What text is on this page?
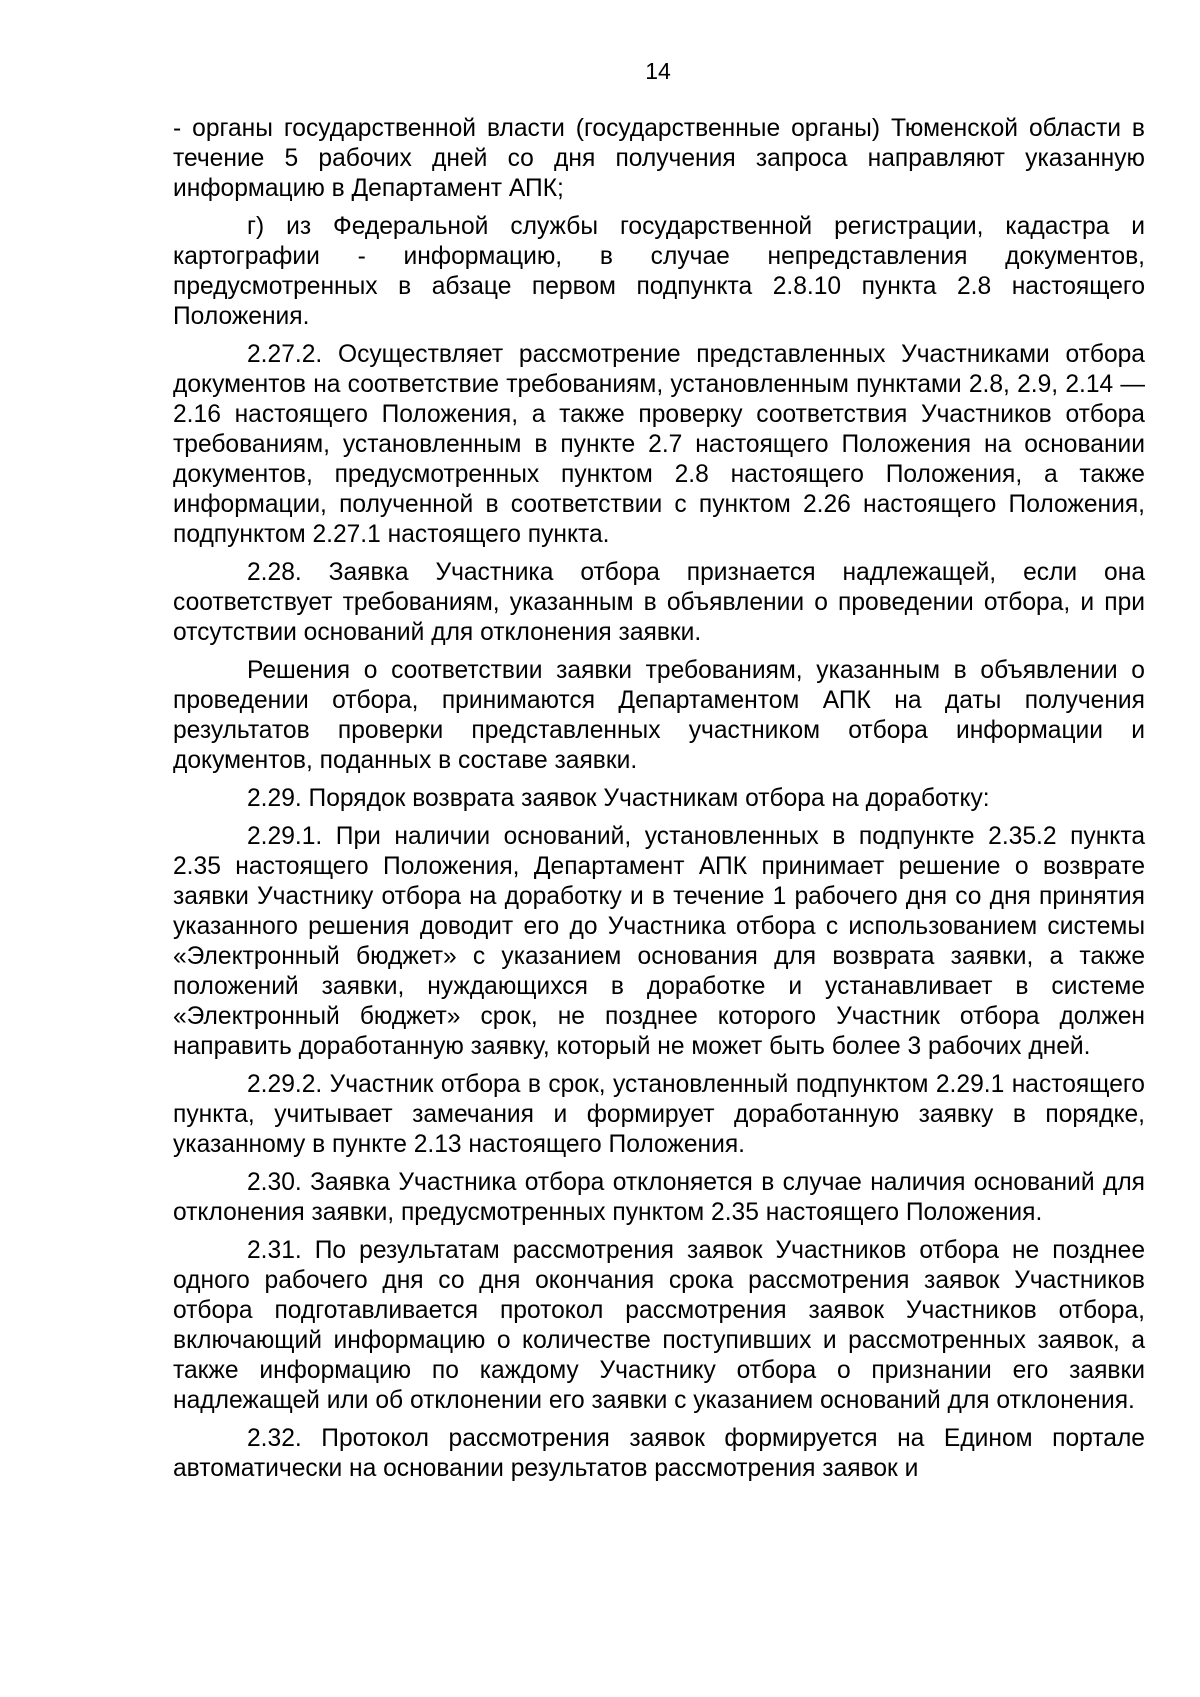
14

- органы государственной власти (государственные органы) Тюменской области в течение 5 рабочих дней со дня получения запроса направляют указанную информацию в Департамент АПК;

г) из Федеральной службы государственной регистрации, кадастра и картографии - информацию, в случае непредставления документов, предусмотренных в абзаце первом подпункта 2.8.10 пункта 2.8 настоящего Положения.

2.27.2. Осуществляет рассмотрение представленных Участниками отбора документов на соответствие требованиям, установленным пунктами 2.8, 2.9, 2.14 — 2.16 настоящего Положения, а также проверку соответствия Участников отбора требованиям, установленным в пункте 2.7 настоящего Положения на основании документов, предусмотренных пунктом 2.8 настоящего Положения, а также информации, полученной в соответствии с пунктом 2.26 настоящего Положения, подпунктом 2.27.1 настоящего пункта.

2.28. Заявка Участника отбора признается надлежащей, если она соответствует требованиям, указанным в объявлении о проведении отбора, и при отсутствии оснований для отклонения заявки.

Решения о соответствии заявки требованиям, указанным в объявлении о проведении отбора, принимаются Департаментом АПК на даты получения результатов проверки представленных участником отбора информации и документов, поданных в составе заявки.

2.29. Порядок возврата заявок Участникам отбора на доработку:

2.29.1. При наличии оснований, установленных в подпункте 2.35.2 пункта 2.35 настоящего Положения, Департамент АПК принимает решение о возврате заявки Участнику отбора на доработку и в течение 1 рабочего дня со дня принятия указанного решения доводит его до Участника отбора с использованием системы «Электронный бюджет» с указанием основания для возврата заявки, а также положений заявки, нуждающихся в доработке и устанавливает в системе «Электронный бюджет» срок, не позднее которого Участник отбора должен направить доработанную заявку, который не может быть более 3 рабочих дней.

2.29.2. Участник отбора в срок, установленный подпунктом 2.29.1 настоящего пункта, учитывает замечания и формирует доработанную заявку в порядке, указанному в пункте 2.13 настоящего Положения.

2.30. Заявка Участника отбора отклоняется в случае наличия оснований для отклонения заявки, предусмотренных пунктом 2.35 настоящего Положения.

2.31. По результатам рассмотрения заявок Участников отбора не позднее одного рабочего дня со дня окончания срока рассмотрения заявок Участников отбора подготавливается протокол рассмотрения заявок Участников отбора, включающий информацию о количестве поступивших и рассмотренных заявок, а также информацию по каждому Участнику отбора о признании его заявки надлежащей или об отклонении его заявки с указанием оснований для отклонения.

2.32. Протокол рассмотрения заявок формируется на Едином портале автоматически на основании результатов рассмотрения заявок и
